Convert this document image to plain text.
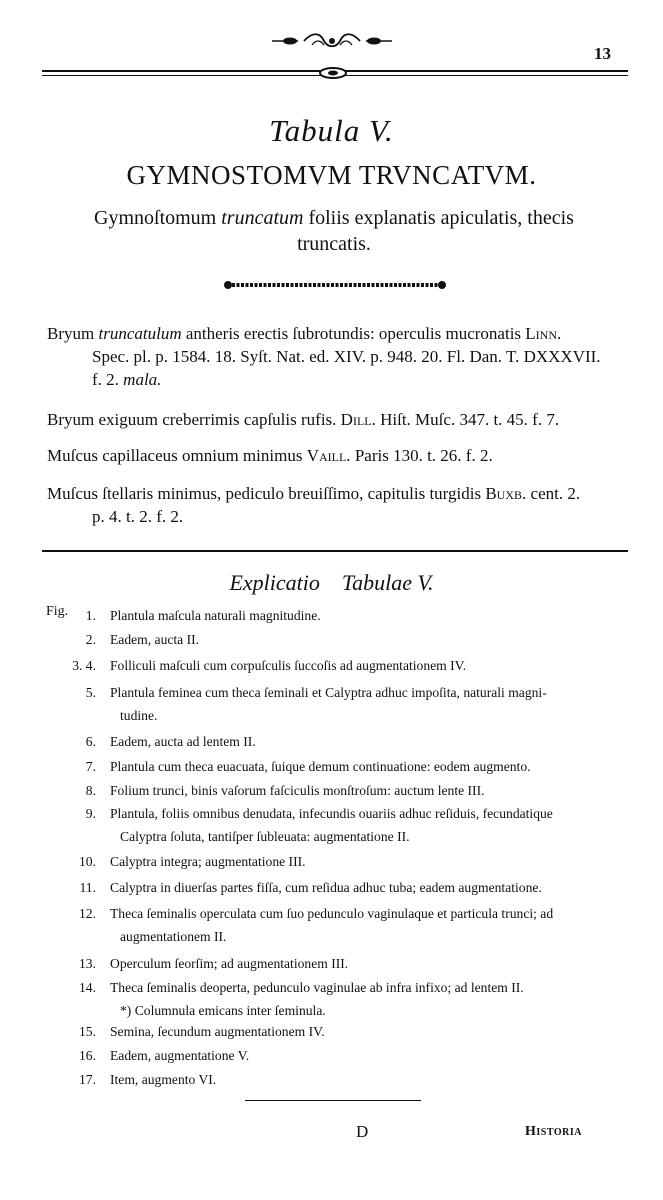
13
Tabula V.
GYMNOSTOMVM TRVNCATVM.
Gymnoſtomum truncatum foliis explanatis apiculatis, thecis truncatis.
Bryum truncatulum antheris erectis ſubrotundis: operculis mucronatis Linn.
Spec. pl. p. 1584. 18. Syſt. Nat. ed. XIV. p. 948. 20. Fl. Dan. T. DXXXVII.
f. 2. mala.
Bryum exiguum creberrimis capſulis rufis. Dill. Hiſt. Muſc. 347. t. 45. f. 7.
Muſcus capillaceus omnium minimus Vaill. Paris 130. t. 26. f. 2.
Muſcus ſtellaris minimus, pediculo breuiſſimo, capitulis turgidis Buxb. cent. 2.
p. 4. t. 2. f. 2.
Explicatio Tabulae V.
Fig.	1. Plantula maſcula naturali magnitudine.
2. Eadem, aucta II.
3. 4. Folliculi maſculi cum corpuſculis ſuccoſis ad augmentationem IV.
5. Plantula feminea cum theca ſeminali et Calyptra adhuc impoſita, naturali magni-
tudine.
6. Eadem, aucta ad lentem II.
7. Plantula cum theca euacuata, ſuique demum continuatione: eodem augmento.
8. Folium trunci, binis vaſorum faſciculis monſtroſum: auctum lente III.
9. Plantula, foliis omnibus denudata, infecundis ouariis adhuc reſiduis, fecundatique
Calyptra ſoluta, tantiſper ſubleuata: augmentatione II.
10. Calyptra integra; augmentatione III.
11. Calyptra in diuerſas partes fiſſa, cum reſidua adhuc tuba; eadem augmentatione.
12. Theca ſeminalis operculata cum ſuo pedunculo vaginulaque et particula trunci; ad
augmentationem II.
13. Operculum ſeorſim; ad augmentationem III.
14. Theca ſeminalis deoperta, pedunculo vaginulae ab infra infixo; ad lentem II.
*) Columnula emicans inter ſeminula.
15. Semina, ſecundum augmentationem IV.
16. Eadem, augmentatione V.
17. Item, augmento VI.
D	Historia
